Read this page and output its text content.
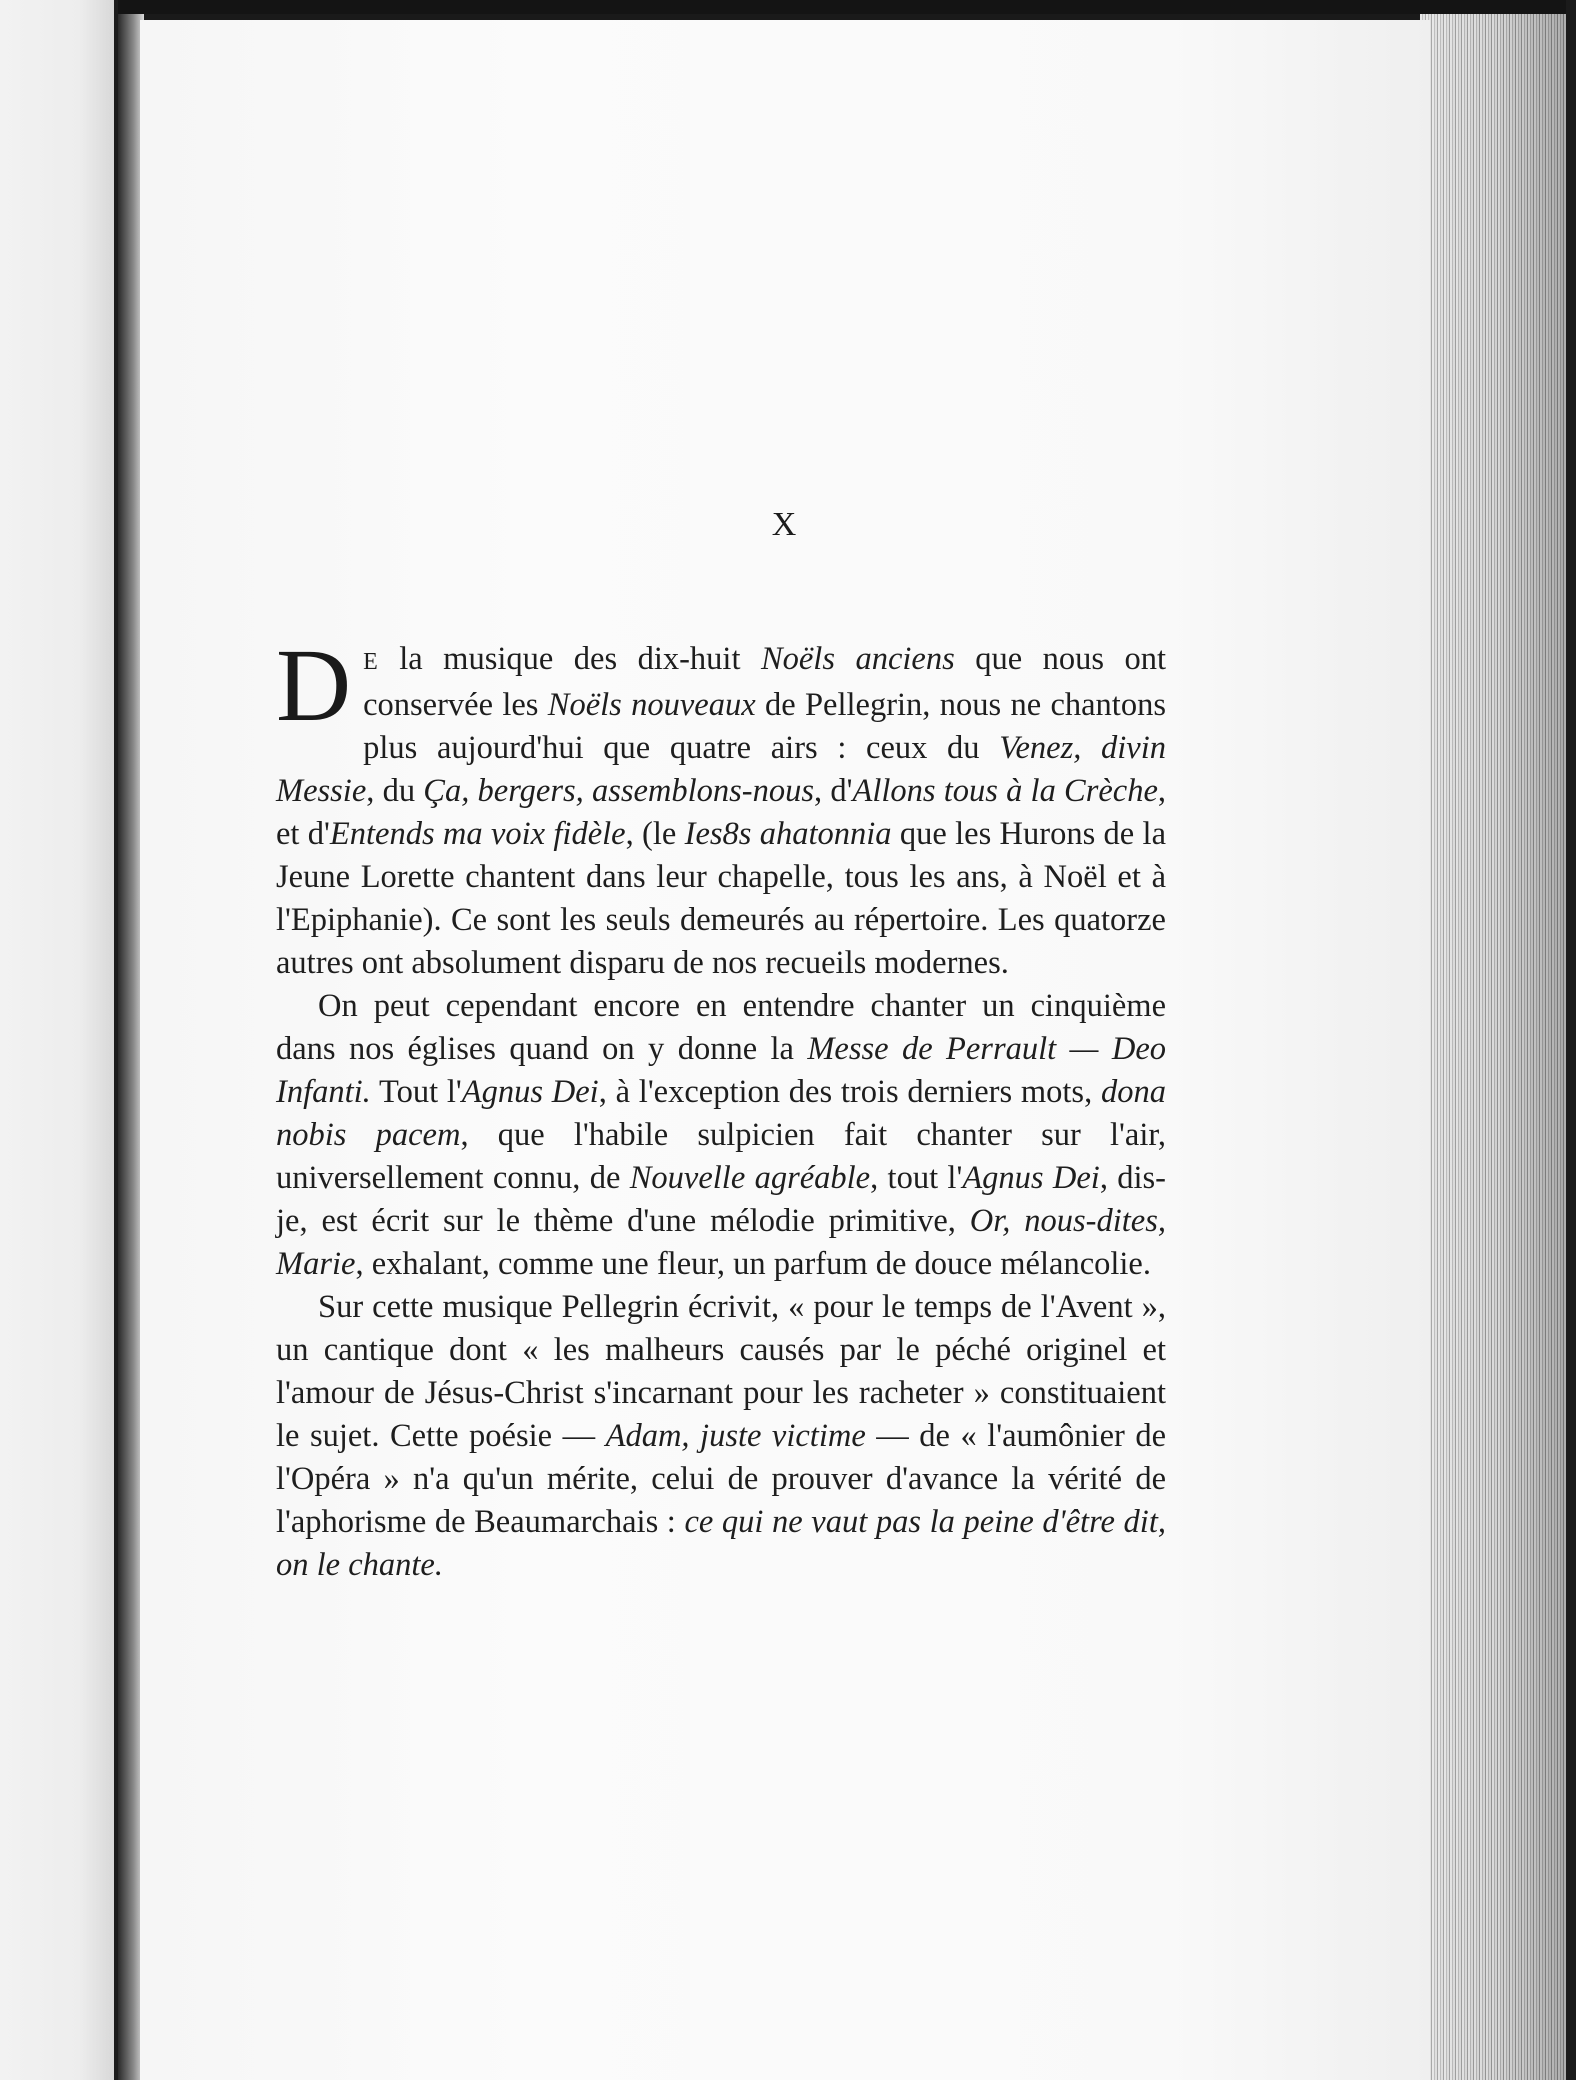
X

D E la musique des dix-huit Noëls anciens que nous ont conservée les Noëls nouveaux de Pellegrin, nous ne chantons plus aujourd'hui que quatre airs : ceux du Venez, divin Messie, du Ça, bergers, assemblons-nous, d'Allons tous à la Crèche, et d'Entends ma voix fidèle, (le Ies8s ahatonnia que les Hurons de la Jeune Lorette chantent dans leur chapelle, tous les ans, à Noël et à l'Epiphanie). Ce sont les seuls demeurés au répertoire. Les quatorze autres ont absolument disparu de nos recueils modernes.

On peut cependant encore en entendre chanter un cinquième dans nos églises quand on y donne la Messe de Perrault — Deo Infanti. Tout l'Agnus Dei, à l'exception des trois derniers mots, dona nobis pacem, que l'habile sulpicien fait chanter sur l'air, universellement connu, de Nouvelle agréable, tout l'Agnus Dei, dis-je, est écrit sur le thème d'une mélodie primitive, Or, nous-dites, Marie, exhalant, comme une fleur, un parfum de douce mélancolie.

Sur cette musique Pellegrin écrivit, « pour le temps de l'Avent », un cantique dont « les malheurs causés par le péché originel et l'amour de Jésus-Christ s'incarnant pour les racheter » constituaient le sujet. Cette poésie — Adam, juste victime — de « l'aumônier de l'Opéra » n'a qu'un mérite, celui de prouver d'avance la vérité de l'aphorisme de Beaumarchais : ce qui ne vaut pas la peine d'être dit, on le chante.
